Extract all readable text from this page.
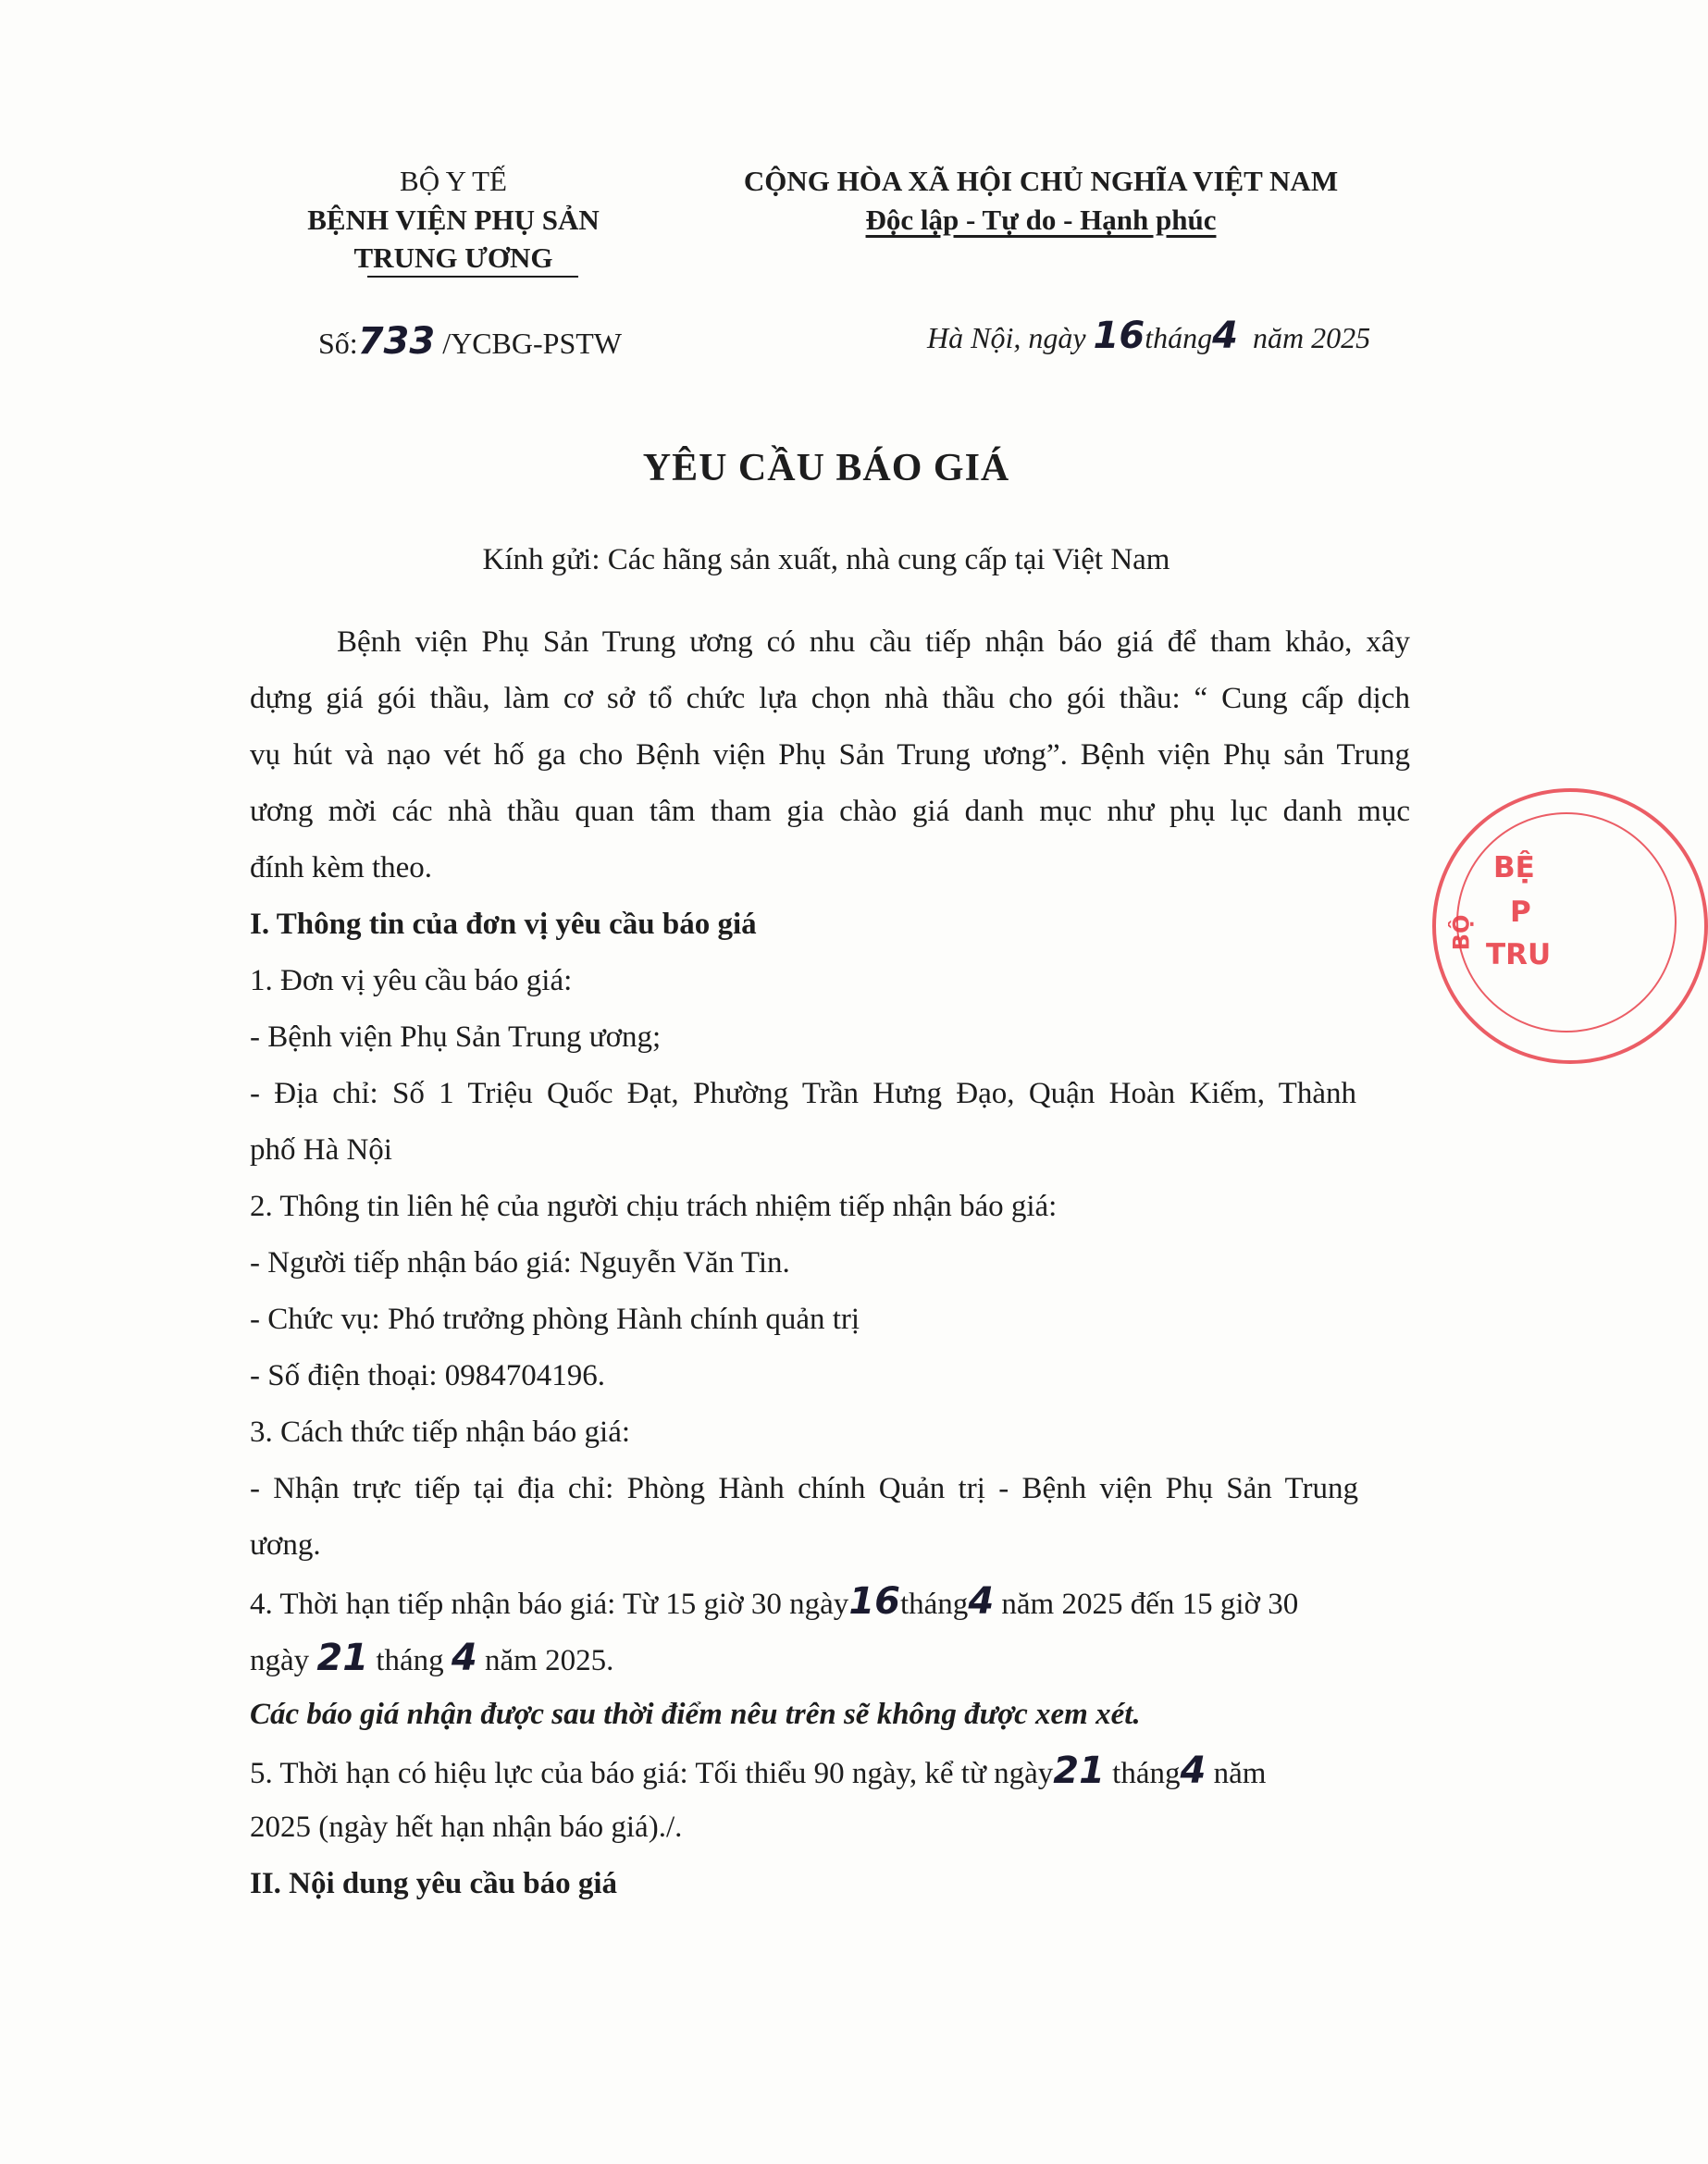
BỘ Y TẾ
BỆNH VIỆN PHỤ SẢN
TRUNG ƯƠNG
CỘNG HÒA XÃ HỘI CHỦ NGHĨA VIỆT NAM
Độc lập - Tự do - Hạnh phúc
Số:733 /YCBG-PSTW	Hà Nội, ngày 16tháng4 năm 2025
YÊU CẦU BÁO GIÁ
Kính gửi: Các hãng sản xuất, nhà cung cấp tại Việt Nam
Bệnh viện Phụ Sản Trung ương có nhu cầu tiếp nhận báo giá để tham khảo, xây
dựng giá gói thầu, làm cơ sở tổ chức lựa chọn nhà thầu cho gói thầu: “ Cung cấp dịch
vụ hút và nạo vét hố ga cho Bệnh viện Phụ Sản Trung ương”. Bệnh viện Phụ sản Trung
ương mời các nhà thầu quan tâm tham gia chào giá danh mục như phụ lục danh mục
đính kèm theo.
I. Thông tin của đơn vị yêu cầu báo giá
1. Đơn vị yêu cầu báo giá:
- Bệnh viện Phụ Sản Trung ương;
- Địa chỉ: Số 1 Triệu Quốc Đạt, Phường Trần Hưng Đạo, Quận Hoàn Kiếm, Thành
phố Hà Nội
2. Thông tin liên hệ của người chịu trách nhiệm tiếp nhận báo giá:
- Người tiếp nhận báo giá: Nguyễn Văn Tin.
- Chức vụ: Phó trưởng phòng Hành chính quản trị
- Số điện thoại: 0984704196.
3. Cách thức tiếp nhận báo giá:
- Nhận trực tiếp tại địa chỉ: Phòng Hành chính Quản trị - Bệnh viện Phụ Sản Trung
ương.
4. Thời hạn tiếp nhận báo giá: Từ 15 giờ 30 ngày16tháng4 năm 2025 đến 15 giờ 30
ngày 21 tháng 4 năm 2025.
Các báo giá nhận được sau thời điểm nêu trên sẽ không được xem xét.
5. Thời hạn có hiệu lực của báo giá: Tối thiểu 90 ngày, kể từ ngày21 tháng4 năm
2025 (ngày hết hạn nhận báo giá)./.
II. Nội dung yêu cầu báo giá
BỆ
P
TRU
BỘ
